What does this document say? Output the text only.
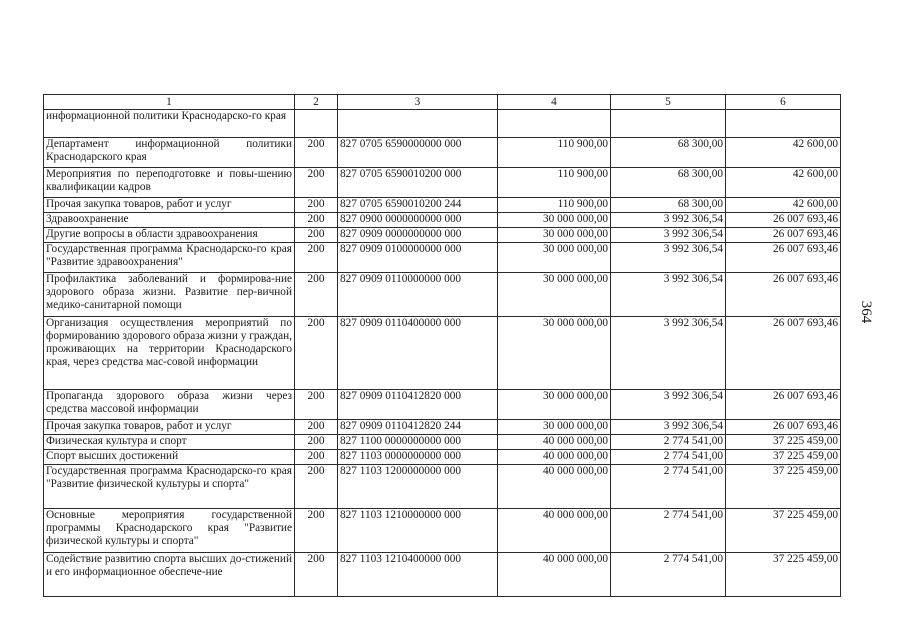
1	2	3	4	5	6
информационной политики Краснодарско-го края					
Департамент информационной политики Краснодарского края	200	827 0705 6590000000 000	110 900,00	68 300,00	42 600,00
Мероприятия по переподготовке и повы-шению квалификации кадров	200	827 0705 6590010200 000	110 900,00	68 300,00	42 600,00
Прочая закупка товаров, работ и услуг	200	827 0705 6590010200 244	110 900,00	68 300,00	42 600,00
Здравоохранение	200	827 0900 0000000000 000	30 000 000,00	3 992 306,54	26 007 693,46
Другие вопросы в области здравоохранения	200	827 0909 0000000000 000	30 000 000,00	3 992 306,54	26 007 693,46
Государственная программа Краснодарско-го края "Развитие здравоохранения"	200	827 0909 0100000000 000	30 000 000,00	3 992 306,54	26 007 693,46
Профилактика заболеваний и формирова-ние здорового образа жизни. Развитие пер-вичной медико-санитарной помощи	200	827 0909 0110000000 000	30 000 000,00	3 992 306,54	26 007 693,46
Организация осуществления мероприятий по формированию здорового образа жизни у граждан, проживающих на территории Краснодарского края, через средства мас-совой информации	200	827 0909 0110400000 000	30 000 000,00	3 992 306,54	26 007 693,46
Пропаганда здорового образа жизни через средства массовой информации	200	827 0909 0110412820 000	30 000 000,00	3 992 306,54	26 007 693,46
Прочая закупка товаров, работ и услуг	200	827 0909 0110412820 244	30 000 000,00	3 992 306,54	26 007 693,46
Физическая культура и спорт	200	827 1100 0000000000 000	40 000 000,00	2 774 541,00	37 225 459,00
Спорт высших достижений	200	827 1103 0000000000 000	40 000 000,00	2 774 541,00	37 225 459,00
Государственная программа Краснодарско-го края "Развитие физической культуры и спорта"	200	827 1103 1200000000 000	40 000 000,00	2 774 541,00	37 225 459,00
Основные мероприятия государственной программы Краснодарского края "Развитие физической культуры и спорта"	200	827 1103 1210000000 000	40 000 000,00	2 774 541,00	37 225 459,00
Содействие развитию спорта высших до-стижений и его информационное обеспече-ние	200	827 1103 1210400000 000	40 000 000,00	2 774 541,00	37 225 459,00
364
